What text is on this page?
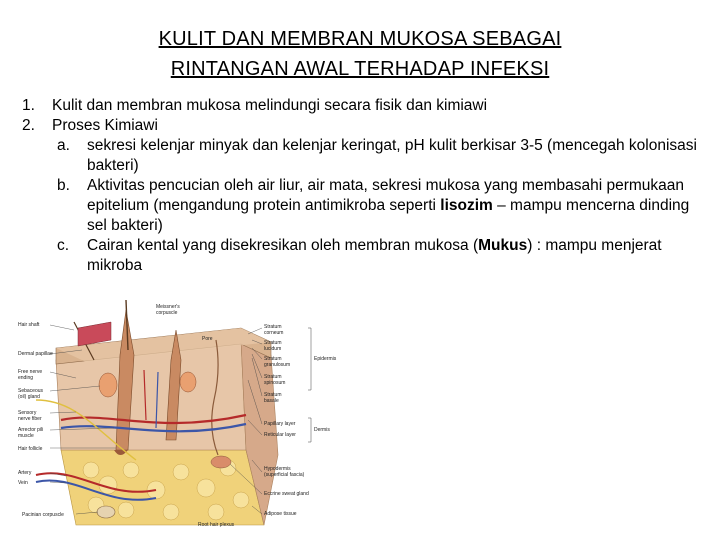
KULIT DAN MEMBRAN MUKOSA SEBAGAI
RINTANGAN AWAL TERHADAP INFEKSI
1.	Kulit dan membran mukosa melindungi secara fisik dan kimiawi
2.	Proses Kimiawi
a.	sekresi kelenjar minyak dan kelenjar keringat, pH kulit berkisar 3-5 (mencegah kolonisasi bakteri)
b.	Aktivitas pencucian oleh air liur, air mata, sekresi mukosa yang membasahi permukaan epitelium (mengandung protein antimikroba seperti lisozim – mampu mencerna dinding sel bakteri)
c.	Cairan kental yang disekresikan oleh membran mukosa (Mukus) : mampu menjerat mikroba
Hair shaft
Dermal papillae
Free nerve ending
Sebaceous (oil) gland
Sensory nerve fiber
Arrector pili muscle
Hair follicle
Artery
Vein
Pacinian corpuscle
Meissner's corpuscle
Pore
Stratum corneum
Stratum lucidum
Stratum granulosum
Stratum spinosum
Stratum basale
Papillary layer
Reticular layer
Hypodermis (superficial fascia)
Eccrine sweat gland
Adipose tissue
Epidermis
Dermis
Root hair plexus
